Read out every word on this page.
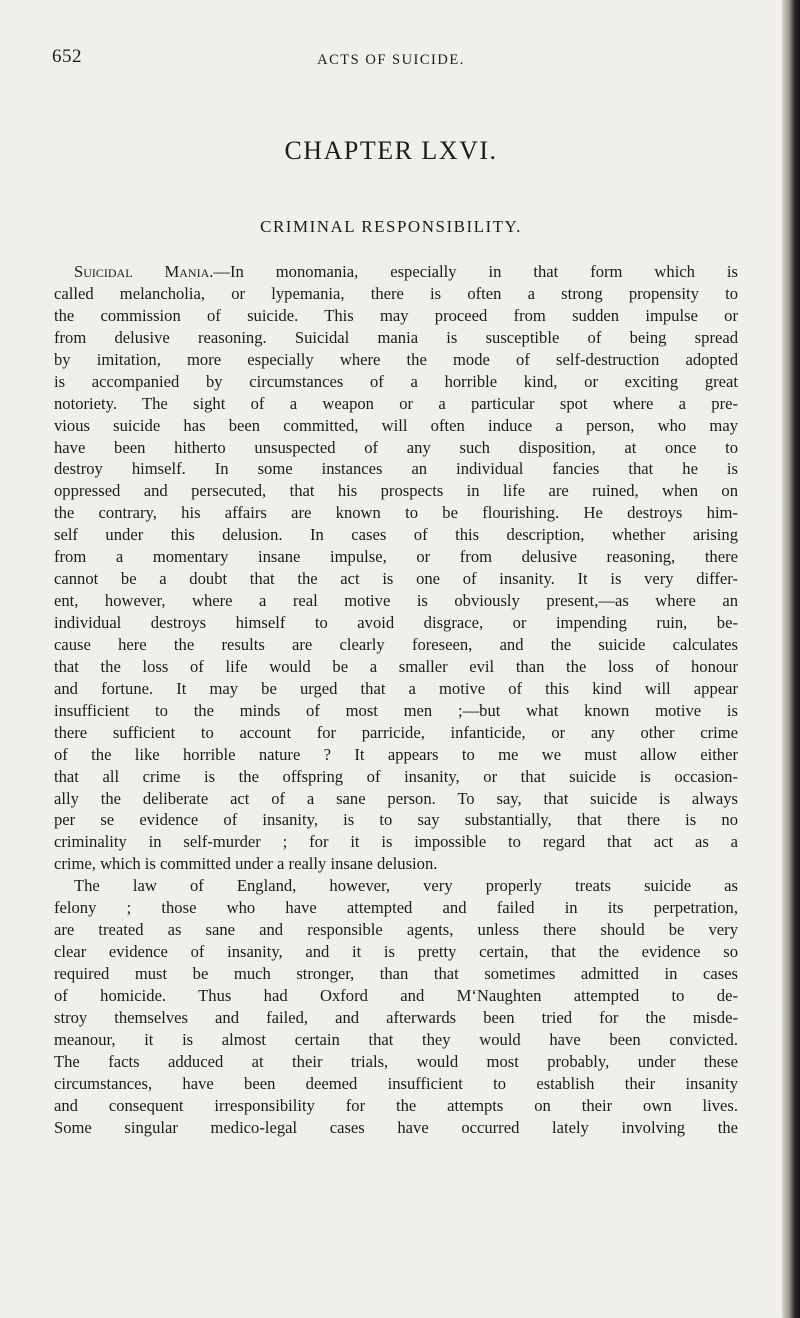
652	ACTS OF SUICIDE.
CHAPTER LXVI.
CRIMINAL RESPONSIBILITY.
Suicidal Mania.—In monomania, especially in that form which is
called melancholia, or lypemania, there is often a strong propensity to
the commission of suicide. This may proceed from sudden impulse or
from delusive reasoning. Suicidal mania is susceptible of being spread
by imitation, more especially where the mode of self-destruction adopted
is accompanied by circumstances of a horrible kind, or exciting great
notoriety. The sight of a weapon or a particular spot where a pre-
vious suicide has been committed, will often induce a person, who may
have been hitherto unsuspected of any such disposition, at once to
destroy himself. In some instances an individual fancies that he is
oppressed and persecuted, that his prospects in life are ruined, when on
the contrary, his affairs are known to be flourishing. He destroys him-
self under this delusion. In cases of this description, whether arising
from a momentary insane impulse, or from delusive reasoning, there
cannot be a doubt that the act is one of insanity. It is very differ-
ent, however, where a real motive is obviously present,—as where an
individual destroys himself to avoid disgrace, or impending ruin, be-
cause here the results are clearly foreseen, and the suicide calculates
that the loss of life would be a smaller evil than the loss of honour
and fortune. It may be urged that a motive of this kind will appear
insufficient to the minds of most men ;—but what known motive is
there sufficient to account for parricide, infanticide, or any other crime
of the like horrible nature ? It appears to me we must allow either
that all crime is the offspring of insanity, or that suicide is occasion-
ally the deliberate act of a sane person. To say, that suicide is always
per se evidence of insanity, is to say substantially, that there is no
criminality in self-murder ; for it is impossible to regard that act as a
crime, which is committed under a really insane delusion.
The law of England, however, very properly treats suicide as
felony ; those who have attempted and failed in its perpetration,
are treated as sane and responsible agents, unless there should be very
clear evidence of insanity, and it is pretty certain, that the evidence so
required must be much stronger, than that sometimes admitted in cases
of homicide. Thus had Oxford and M‘Naughten attempted to de-
stroy themselves and failed, and afterwards been tried for the misde-
meanour, it is almost certain that they would have been convicted.
The facts adduced at their trials, would most probably, under these
circumstances, have been deemed insufficient to establish their insanity
and consequent irresponsibility for the attempts on their own lives.
Some singular medico-legal cases have occurred lately involving the
